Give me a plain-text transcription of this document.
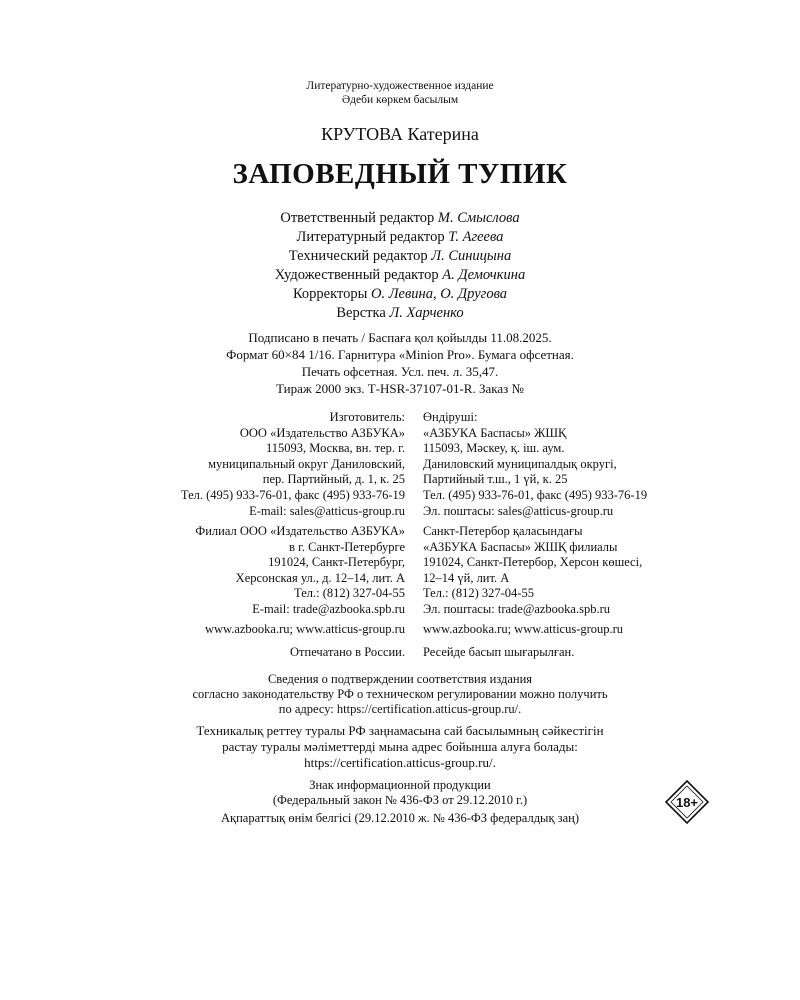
Литературно-художественное издание
Әдеби көркем басылым
КРУТОВА Катерина
ЗАПОВЕДНЫЙ ТУПИК
Ответственный редактор М. Смыслова
Литературный редактор Т. Агеева
Технический редактор Л. Синицына
Художественный редактор А. Демочкина
Корректоры О. Левина, О. Другова
Верстка Л. Харченко
Подписано в печать / Баспаға қол қойылды 11.08.2025.
Формат 60×84 1/16. Гарнитура «Minion Pro». Бумага офсетная.
Печать офсетная. Усл. печ. л. 35,47.
Тираж 2000 экз. Т-HSR-37107-01-R. Заказ №
Изготовитель:
ООО «Издательство АЗБУКА»
115093, Москва, вн. тер. г.
муниципальный округ Даниловский,
пер. Партийный, д. 1, к. 25
Тел. (495) 933-76-01, факс (495) 933-76-19
E-mail: sales@atticus-group.ru
Өндіруші:
«АЗБУКА Баспасы» ЖШҚ
115093, Мәскеу, қ. іш. аум.
Даниловский муниципалдық округі,
Партийный т.ш., 1 үй, к. 25
Тел. (495) 933-76-01, факс (495) 933-76-19
Эл. поштасы: sales@atticus-group.ru
Филиал ООО «Издательство АЗБУКА»
в г. Санкт-Петербурге
191024, Санкт-Петербург,
Херсонская ул., д. 12–14, лит. А
Тел.: (812) 327-04-55
E-mail: trade@azbooka.spb.ru
Санкт-Петербор қаласындағы
«АЗБУКА Баспасы» ЖШҚ филиалы
191024, Санкт-Петербор, Херсон көшесі,
12–14 үй, лит. А
Тел.: (812) 327-04-55
Эл. поштасы: trade@azbooka.spb.ru
www.azbooka.ru; www.atticus-group.ru www.azbooka.ru; www.atticus-group.ru
Отпечатано в России. Ресейде басып шығарылған.
Сведения о подтверждении соответствия издания
согласно законодательству РФ о техническом регулировании можно получить
по адресу: https://certification.atticus-group.ru/.
Техникалық реттеу туралы РФ заңнамасына сай басылымның сәйкестігін
растау туралы мәліметтерді мына адрес бойынша алуға болады:
https://certification.atticus-group.ru/.
Знак информационной продукции
(Федеральный закон № 436-ФЗ от 29.12.2010 г.)
Ақпараттық өнім белгісі (29.12.2010 ж. № 436-ФЗ федералдық заң)
18+
